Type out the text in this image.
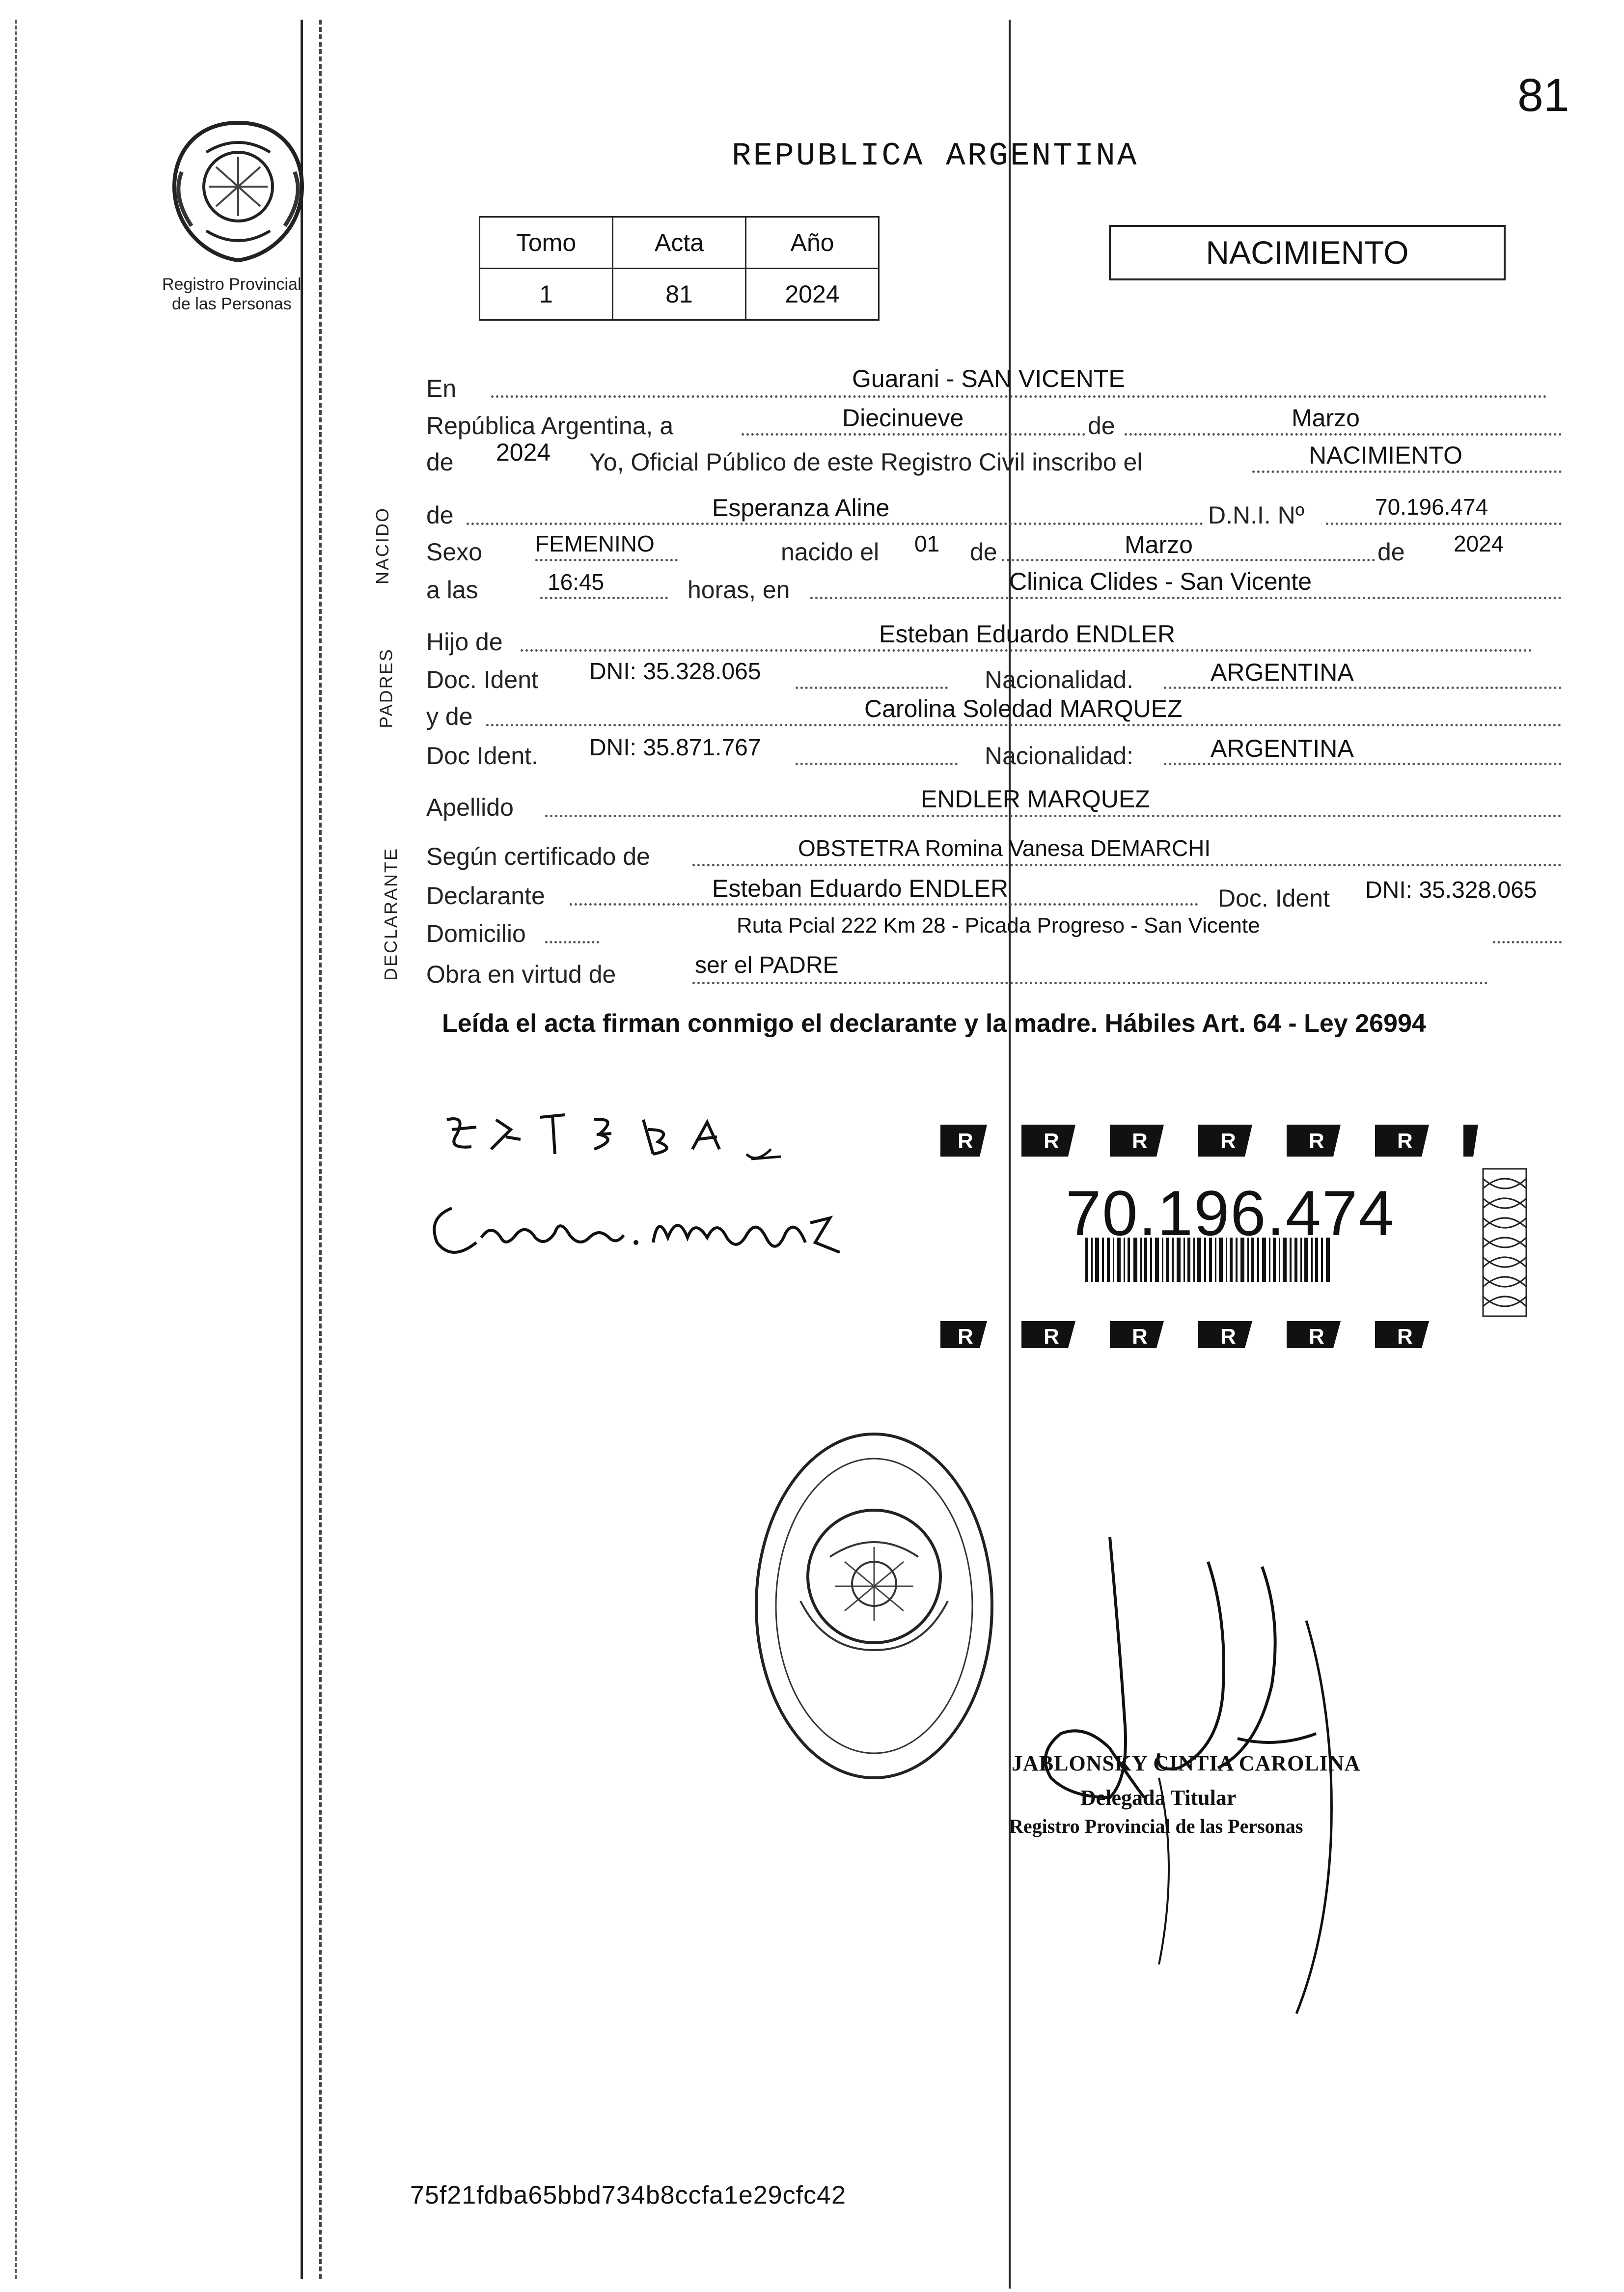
81
Registro Provincial
de las Personas
REPUBLICA ARGENTINA
Tomo	Acta	Año
1	81	2024
NACIMIENTO
NACIDO
PADRES
DECLARANTE
En	Guarani - SAN VICENTE
República Argentina, a	Diecinueve	de	Marzo
de 2024 Yo, Oficial Público de este Registro Civil inscribo el	NACIMIENTO
de	Esperanza Aline	D.N.I. Nº	70.196.474
Sexo FEMENINO	nacido el 01 de	Marzo	de 2024
a las	16:45	horas, en	Clinica Clides - San Vicente
Hijo de	Esteban Eduardo ENDLER
Doc. Ident DNI: 35.328.065	Nacionalidad.	ARGENTINA
y de	Carolina Soledad MARQUEZ
Doc Ident. DNI: 35.871.767	Nacionalidad:	ARGENTINA
Apellido	ENDLER MARQUEZ
Según certificado de	OBSTETRA Romina Vanesa DEMARCHI
Declarante	Esteban Eduardo ENDLER	Doc. Ident DNI: 35.328.065
Domicilio	Ruta Pcial 222 Km 28 - Picada Progreso - San Vicente
Obra en virtud de	ser el PADRE
Leída el acta firman conmigo el declarante y la madre. Hábiles Art. 64 - Ley 26994
R	R	R	R	R	R
R	R	R	R	R	R
70.196.474
JABLONSKY CINTIA CAROLINA
Delegada Titular
Registro Provincial de las Personas
75f21fdba65bbd734b8ccfa1e29cfc42
